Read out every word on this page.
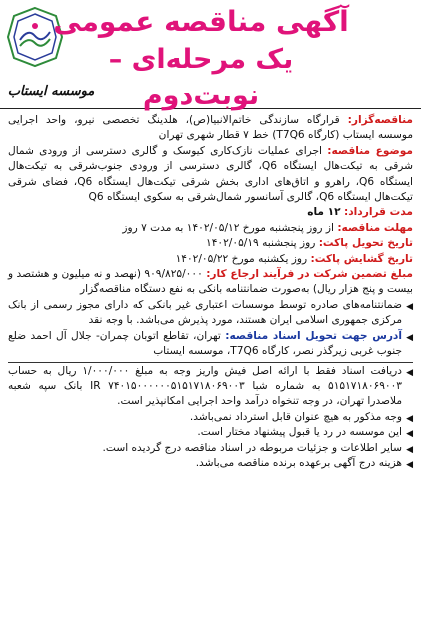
آگهی مناقصه عمومی
یک مرحله‌ای – نوبت‌دوم
موسسه ایستاب

مناقصه‌گزار: قرارگاه سازندگی خاتم‌الانبیا(ص)، هلدینگ تخصصی نیرو، واحد اجرایی موسسه ایستاب (کارگاه T7Q6) خط ۷ قطار شهری تهران

موضوع مناقصه: اجرای عملیات نازک‌کاری کیوسک و گالری دسترسی از ورودی شمال شرقی به تیکت‌هال ایستگاه Q6، گالری دسترسی از ورودی جنوب‌شرقی به تیکت‌هال ایستگاه Q6، راهرو و اتاق‌های اداری بخش شرقی تیکت‌هال ایستگاه Q6، فضای شرقی تیکت‌هال ایستگاه Q6، گالری آسانسور شمال‌شرقی به سکوی ایستگاه Q6

مدت قرارداد: ۱۲ ماه

مهلت مناقصه: از روز پنجشنبه مورخ ۱۴۰۲/۰۵/۱۲ به مدت ۷ روز

تاریخ تحویل پاکت: روز پنجشنبه ۱۴۰۲/۰۵/۱۹

تاریخ گشایش پاکت: روز یکشنبه مورخ ۱۴۰۲/۰۵/۲۲

مبلغ تضمین شرکت در فرآیند ارجاع کار: ۹۰۹/۸۲۵/۰۰۰ (نهصد و نه میلیون و هشتصد و بیست و پنج هزار ریال) به‌صورت ضمانتنامه بانکی به نفع دستگاه مناقصه‌گزار

◀
ضمانتنامه‌های صادره توسط موسسات اعتباری غیر بانکی که دارای مجوز رسمی از بانک مرکزی جمهوری اسلامی ایران هستند، مورد پذیرش می‌باشد. با وجه نقد

◀
آدرس جهت تحویل اسناد مناقصه: تهران، تقاطع اتوبان چمران- جلال آل احمد ضلع جنوب غربی زیرگذر نصر، کارگاه T7Q6، موسسه ایستاب

◀
دریافت اسناد فقط با ارائه اصل فیش واریز وجه به مبلغ ۱/۰۰۰/۰۰۰ ریال به حساب ۵۱۵۱۷۱۸۰۶۹۰۰۳ به شماره شبا IR ۷۴۰۱۵۰۰۰۰۰۰۵۱۵۱۷۱۸۰۶۹۰۰۳ بانک سپه شعبه ملاصدرا تهران، در وجه تنخواه درآمد واحد اجرایی امکانپذیر است.

◀
وجه مذکور به هیچ عنوان قابل استرداد نمی‌باشد.

◀
این موسسه در رد یا قبول پیشنهاد مختار است.

◀
سایر اطلاعات و جزئیات مربوطه در اسناد مناقصه درج گردیده است.

◀
هزینه درج آگهی برعهده برنده مناقصه می‌باشد.
